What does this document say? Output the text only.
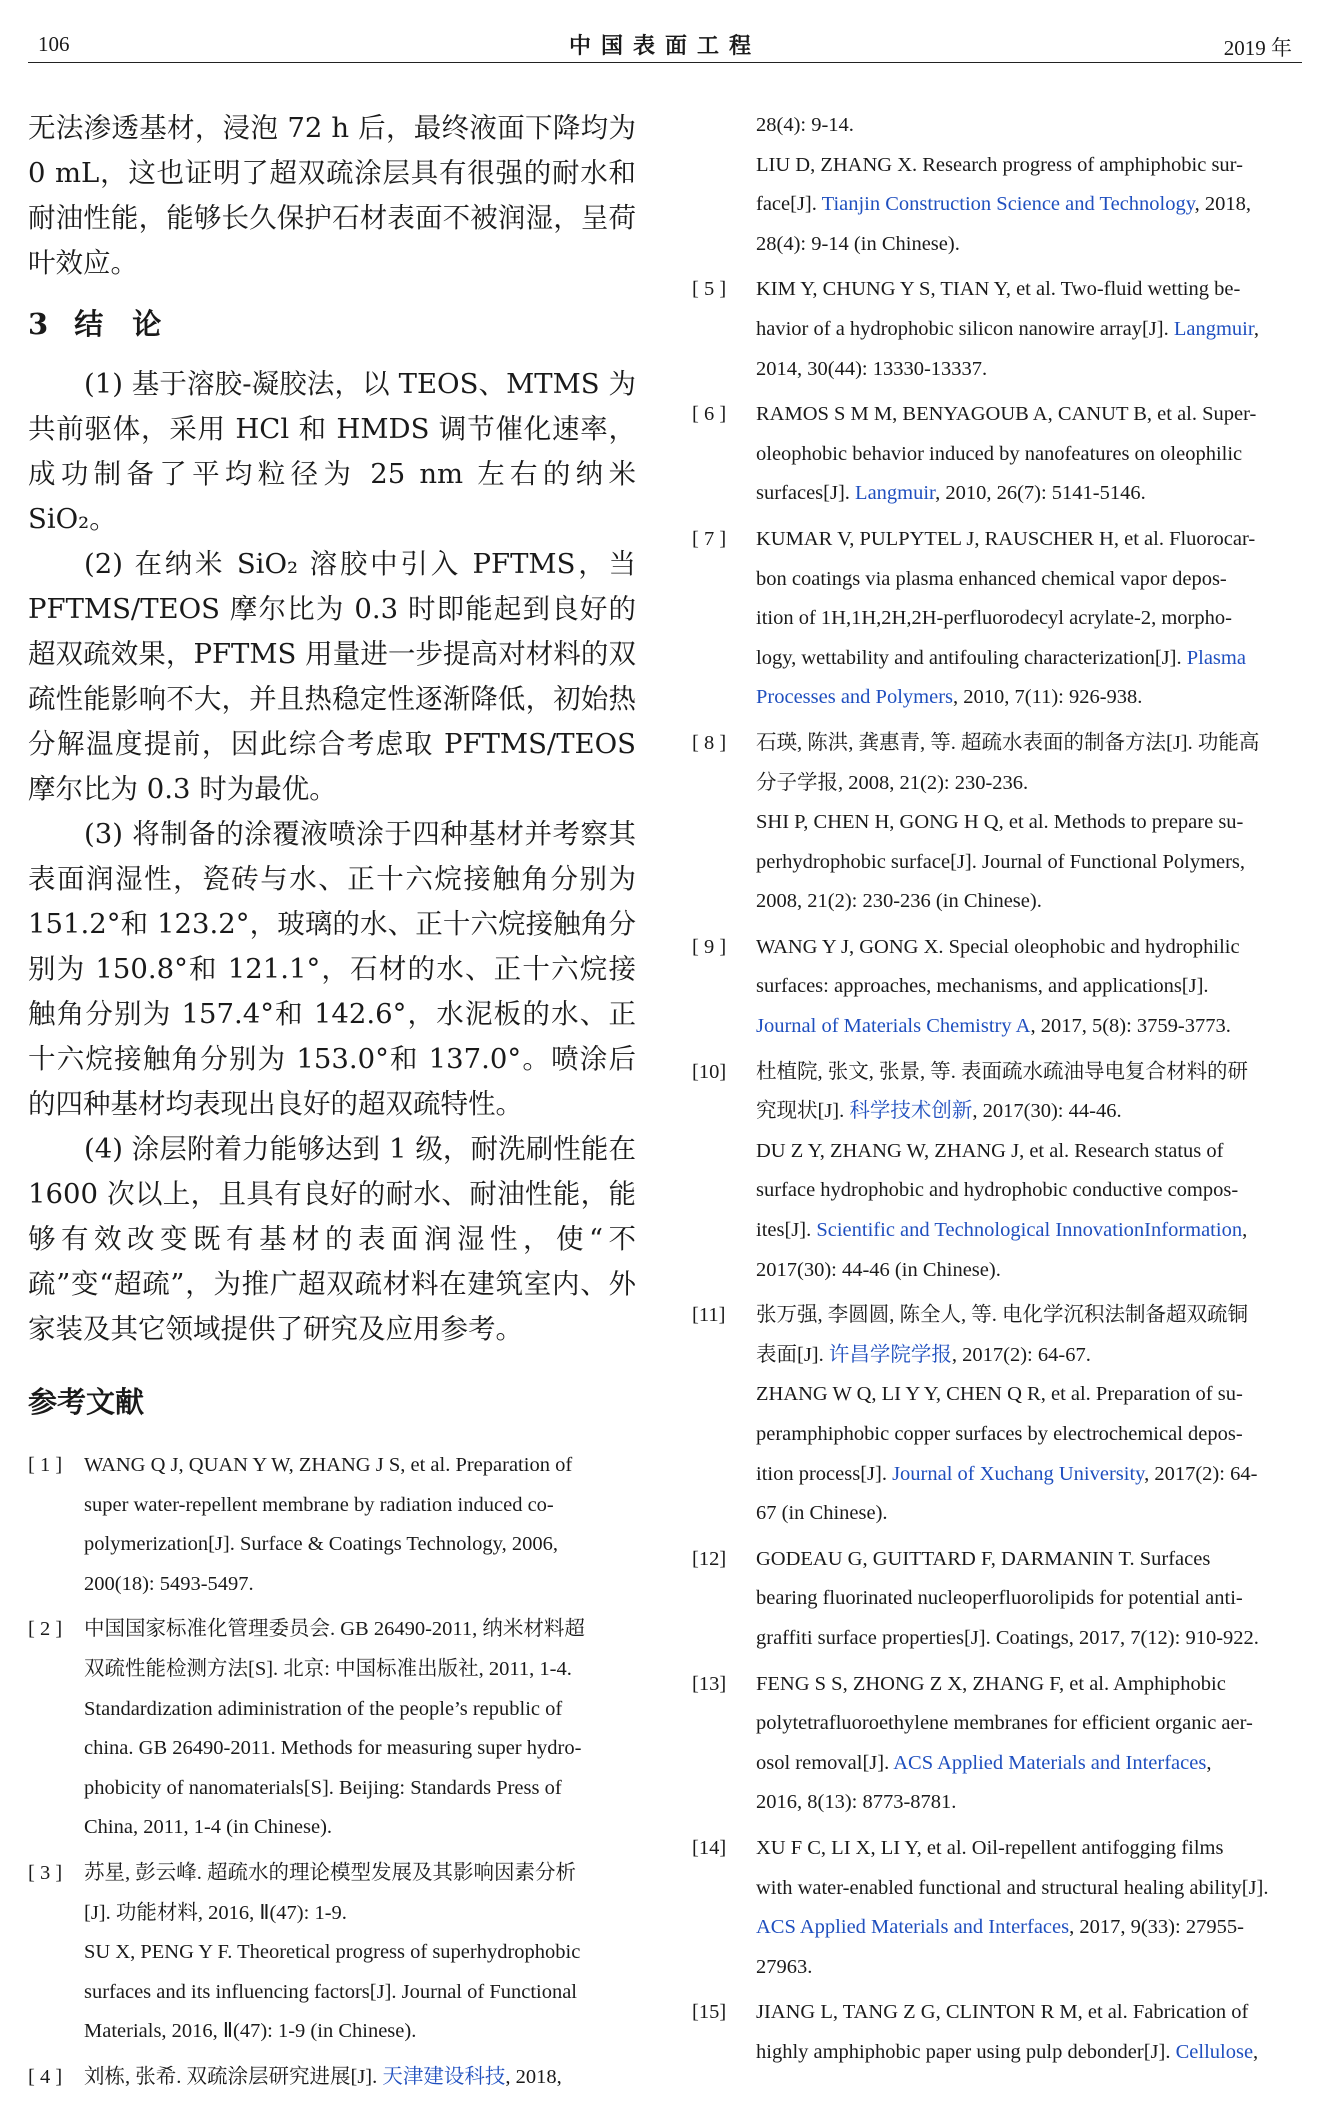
106	中国表面工程	2019 年

无法渗透基材，浸泡 72 h 后，最终液面下降均为 0 mL，这也证明了超双疏涂层具有很强的耐水和耐油性能，能够长久保护石材表面不被润湿，呈荷叶效应。

3 结　论

(1) 基于溶胶-凝胶法，以 TEOS、MTMS 为共前驱体，采用 HCl 和 HMDS 调节催化速率，成功制备了平均粒径为 25 nm 左右的纳米 SiO₂。

(2) 在纳米 SiO₂ 溶胶中引入 PFTMS，当 PFTMS/TEOS 摩尔比为 0.3 时即能起到良好的超双疏效果，PFTMS 用量进一步提高对材料的双疏性能影响不大，并且热稳定性逐渐降低，初始热分解温度提前，因此综合考虑取 PFTMS/TEOS 摩尔比为 0.3 时为最优。

(3) 将制备的涂覆液喷涂于四种基材并考察其表面润湿性，瓷砖与水、正十六烷接触角分别为 151.2°和 123.2°，玻璃的水、正十六烷接触角分别为 150.8°和 121.1°，石材的水、正十六烷接触角分别为 157.4°和 142.6°，水泥板的水、正十六烷接触角分别为 153.0°和 137.0°。喷涂后的四种基材均表现出良好的超双疏特性。

(4) 涂层附着力能够达到 1 级，耐洗刷性能在 1600 次以上，且具有良好的耐水、耐油性能，能够有效改变既有基材的表面润湿性，使“不疏”变“超疏”，为推广超双疏材料在建筑室内、外家装及其它领域提供了研究及应用参考。

参考文献
[ 1 ]	WANG Q J, QUAN Y W, ZHANG J S, et al. Preparation of
super water-repellent membrane by radiation induced co-
polymerization[J]. Surface & Coatings Technology, 2006,
200(18): 5493-5497.
[ 2 ]	中国国家标准化管理委员会. GB 26490-2011, 纳米材料超
双疏性能检测方法[S]. 北京: 中国标准出版社, 2011, 1-4.
Standardization adiministration of the people’s republic of
china. GB 26490-2011. Methods for measuring super hydro-
phobicity of nanomaterials[S]. Beijing: Standards Press of
China, 2011, 1-4 (in Chinese).
[ 3 ]	苏星, 彭云峰. 超疏水的理论模型发展及其影响因素分析
[J]. 功能材料, 2016, Ⅱ(47): 1-9.
SU X, PENG Y F. Theoretical progress of superhydrophobic
surfaces and its influencing factors[J]. Journal of Functional
Materials, 2016, Ⅱ(47): 1-9 (in Chinese).
[ 4 ]	刘栋, 张希. 双疏涂层研究进展[J]. 天津建设科技, 2018,
28(4): 9-14.
LIU D, ZHANG X. Research progress of amphiphobic sur-
face[J]. Tianjin Construction Science and Technology, 2018,
28(4): 9-14 (in Chinese).
[ 5 ]	KIM Y, CHUNG Y S, TIAN Y, et al. Two-fluid wetting be-
havior of a hydrophobic silicon nanowire array[J]. Langmuir,
2014, 30(44): 13330-13337.
[ 6 ]	RAMOS S M M, BENYAGOUB A, CANUT B, et al. Super-
oleophobic behavior induced by nanofeatures on oleophilic
surfaces[J]. Langmuir, 2010, 26(7): 5141-5146.
[ 7 ]	KUMAR V, PULPYTEL J, RAUSCHER H, et al. Fluorocar-
bon coatings via plasma enhanced chemical vapor depos-
ition of 1H,1H,2H,2H-perfluorodecyl acrylate-2, morpho-
logy, wettability and antifouling characterization[J]. Plasma
Processes and Polymers, 2010, 7(11): 926-938.
[ 8 ]	石瑛, 陈洪, 龚惠青, 等. 超疏水表面的制备方法[J]. 功能高
分子学报, 2008, 21(2): 230-236.
SHI P, CHEN H, GONG H Q, et al. Methods to prepare su-
perhydrophobic surface[J]. Journal of Functional Polymers,
2008, 21(2): 230-236 (in Chinese).
[ 9 ]	WANG Y J, GONG X. Special oleophobic and hydrophilic
surfaces: approaches, mechanisms, and applications[J].
Journal of Materials Chemistry A, 2017, 5(8): 3759-3773.
[10]	杜植院, 张文, 张景, 等. 表面疏水疏油导电复合材料的研
究现状[J]. 科学技术创新, 2017(30): 44-46.
DU Z Y, ZHANG W, ZHANG J, et al. Research status of
surface hydrophobic and hydrophobic conductive compos-
ites[J]. Scientific and Technological InnovationInformation,
2017(30): 44-46 (in Chinese).
[11]	张万强, 李圆圆, 陈全人, 等. 电化学沉积法制备超双疏铜
表面[J]. 许昌学院学报, 2017(2): 64-67.
ZHANG W Q, LI Y Y, CHEN Q R, et al. Preparation of su-
peramphiphobic copper surfaces by electrochemical depos-
ition process[J]. Journal of Xuchang University, 2017(2): 64-
67 (in Chinese).
[12]	GODEAU G, GUITTARD F, DARMANIN T. Surfaces
bearing fluorinated nucleoperfluorolipids for potential anti-
graffiti surface properties[J]. Coatings, 2017, 7(12): 910-922.
[13]	FENG S S, ZHONG Z X, ZHANG F, et al. Amphiphobic
polytetrafluoroethylene membranes for efficient organic aer-
osol removal[J]. ACS Applied Materials and Interfaces,
2016, 8(13): 8773-8781.
[14]	XU F C, LI X, LI Y, et al. Oil-repellent antifogging films
with water-enabled functional and structural healing ability[J].
ACS Applied Materials and Interfaces, 2017, 9(33): 27955-
27963.
[15]	JIANG L, TANG Z G, CLINTON R M, et al. Fabrication of
highly amphiphobic paper using pulp debonder[J]. Cellulose,
